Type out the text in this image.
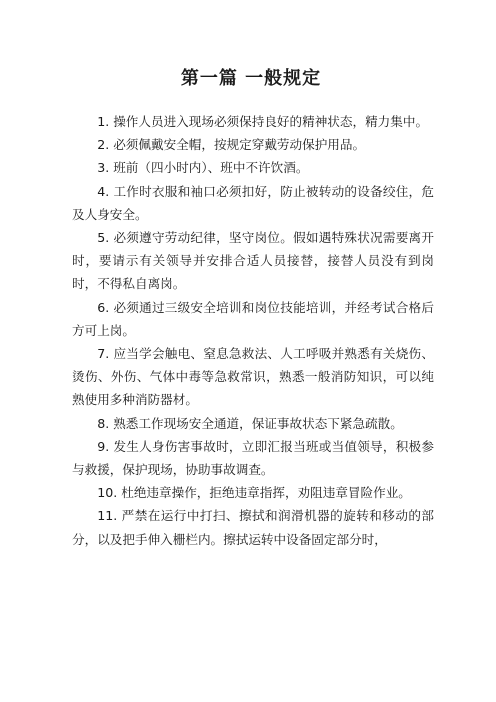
第一篇 一般规定

1. 操作人员进入现场必须保持良好的精神状态，精力集中。

2. 必须佩戴安全帽，按规定穿戴劳动保护用品。

3. 班前（四小时内）、班中不许饮酒。

4. 工作时衣服和袖口必须扣好，防止被转动的设备绞住，危及人身安全。

5. 必须遵守劳动纪律，坚守岗位。假如遇特殊状况需要离开时，要请示有关领导并安排合适人员接替，接替人员没有到岗时，不得私自离岗。

6. 必须通过三级安全培训和岗位技能培训，并经考试合格后方可上岗。

7. 应当学会触电、窒息急救法、人工呼吸并熟悉有关烧伤、烫伤、外伤、气体中毒等急救常识，熟悉一般消防知识，可以纯熟使用多种消防器材。

8. 熟悉工作现场安全通道，保证事故状态下紧急疏散。

9. 发生人身伤害事故时，立即汇报当班或当值领导，积极参与救援，保护现场，协助事故调查。

10. 杜绝违章操作，拒绝违章指挥，劝阻违章冒险作业。

11. 严禁在运行中打扫、擦拭和润滑机器的旋转和移动的部分，以及把手伸入栅栏内。擦拭运转中设备固定部分时，
